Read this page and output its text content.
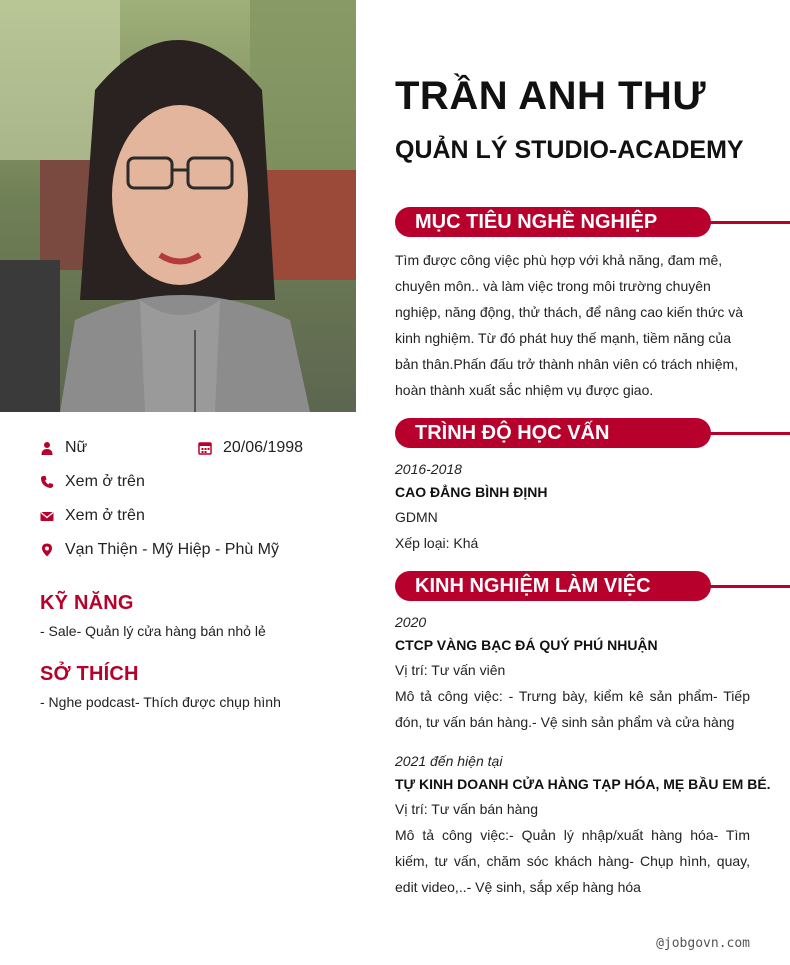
Nữ	20/06/1998
Xem ở trên
Xem ở trên
Vạn Thiện - Mỹ Hiệp - Phù Mỹ
KỸ NĂNG
- Sale- Quản lý cửa hàng bán nhỏ lẻ
SỞ THÍCH
- Nghe podcast- Thích được chụp hình
TRẦN ANH THƯ
QUẢN LÝ STUDIO-ACADEMY
MỤC TIÊU NGHỀ NGHIỆP
Tìm được công việc phù hợp với khả năng, đam mê,
chuyên môn.. và làm việc trong môi trường chuyên
nghiệp, năng động, thử thách, để nâng cao kiến thức và
kinh nghiệm. Từ đó phát huy thế mạnh, tiềm năng của
bản thân.Phấn đấu trở thành nhân viên có trách nhiệm,
hoàn thành xuất sắc nhiệm vụ được giao.
TRÌNH ĐỘ HỌC VẤN
2016-2018
CAO ĐẲNG BÌNH ĐỊNH
GDMN
Xếp loại: Khá
KINH NGHIỆM LÀM VIỆC
2020
CTCP VÀNG BẠC ĐÁ QUÝ PHÚ NHUẬN
Vị trí: Tư vấn viên
Mô tả công việc: - Trưng bày, kiểm kê sản phẩm- Tiếp đón, tư vấn bán hàng.- Vệ sinh sản phẩm và cửa hàng
2021 đến hiện tại
TỰ KINH DOANH CỬA HÀNG TẠP HÓA, MẸ BẦU EM BÉ.
Vị trí: Tư vấn bán hàng
Mô tả công việc:- Quản lý nhập/xuất hàng hóa- Tìm kiếm, tư vấn, chăm sóc khách hàng- Chụp hình, quay, edit video,..- Vệ sinh, sắp xếp hàng hóa
@jobgovn.com
